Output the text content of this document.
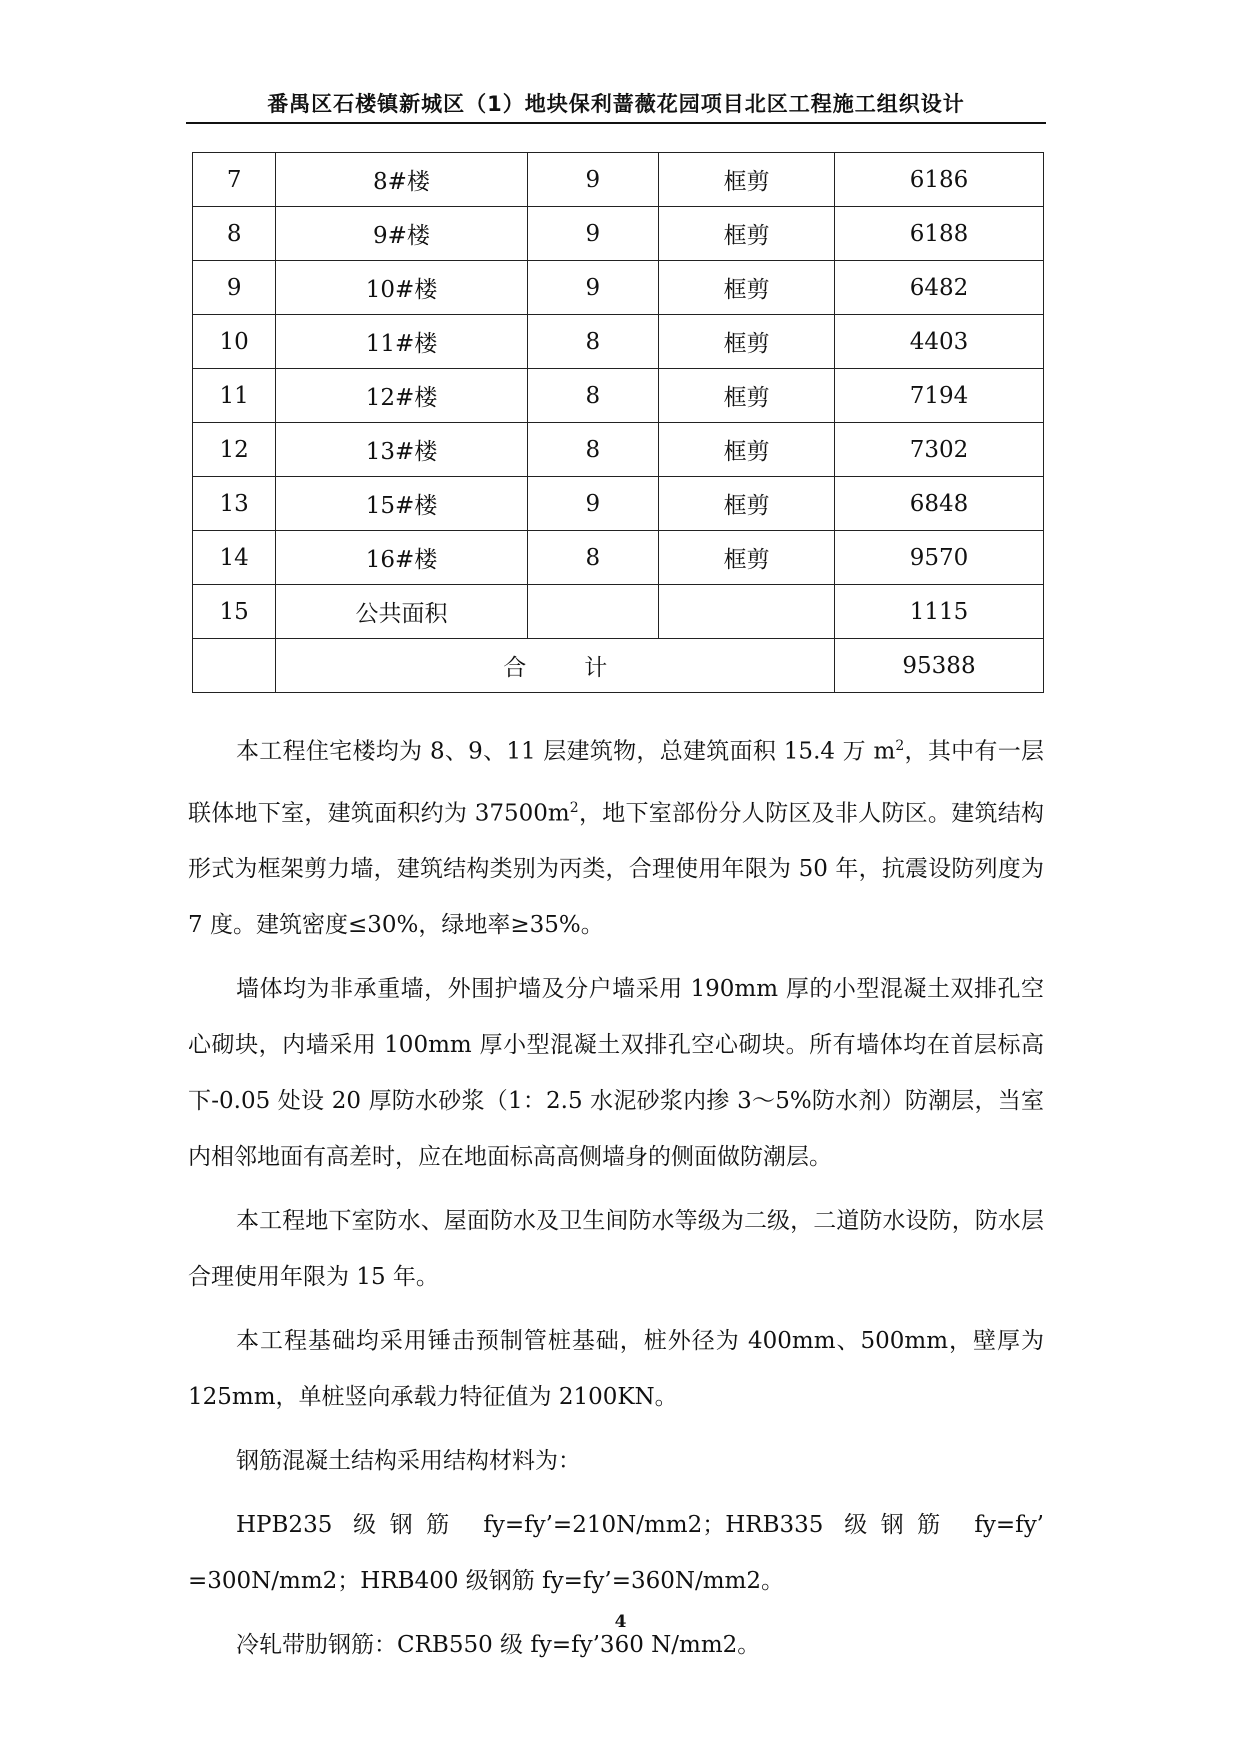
番禺区石楼镇新城区（1）地块保利蔷薇花园项目北区工程施工组织设计
7	8#楼	9	框剪	6186
8	9#楼	9	框剪	6188
9	10#楼	9	框剪	6482
10	11#楼	8	框剪	4403
11	12#楼	8	框剪	7194
12	13#楼	8	框剪	7302
13	15#楼	9	框剪	6848
14	16#楼	8	框剪	9570
15	公共面积			1115
	合 计			95388

本工程住宅楼均为 8、9、11 层建筑物，总建筑面积 15.4 万 $m^2$，其中有一层联体地下室，建筑面积约为 $37500m^2$，地下室部份分人防区及非人防区。建筑结构形式为框架剪力墙，建筑结构类别为丙类，合理使用年限为 50 年，抗震设防列度为 7 度。建筑密度≤30%，绿地率≥35%。

墙体均为非承重墙，外围护墙及分户墙采用 190mm 厚的小型混凝土双排孔空心砌块，内墙采用 100mm 厚小型混凝土双排孔空心砌块。所有墙体均在首层标高下-0.05 处设 20 厚防水砂浆（1：2.5 水泥砂浆内掺 3～5%防水剂）防潮层，当室内相邻地面有高差时，应在地面标高高侧墙身的侧面做防潮层。

本工程地下室防水、屋面防水及卫生间防水等级为二级，二道防水设防，防水层合理使用年限为 15 年。

本工程基础均采用锤击预制管桩基础，桩外径为 400mm、500mm，壁厚为 125mm，单桩竖向承载力特征值为 2100KN。

钢筋混凝土结构采用结构材料为：

HPB235 级钢筋 fy=fy’=210N/mm2；HRB335 级钢筋 fy=fy’ =300N/mm2；HRB400 级钢筋 fy=fy’=360N/mm2。

冷轧带肋钢筋：CRB550 级 fy=fy’360 N/mm2。

4
